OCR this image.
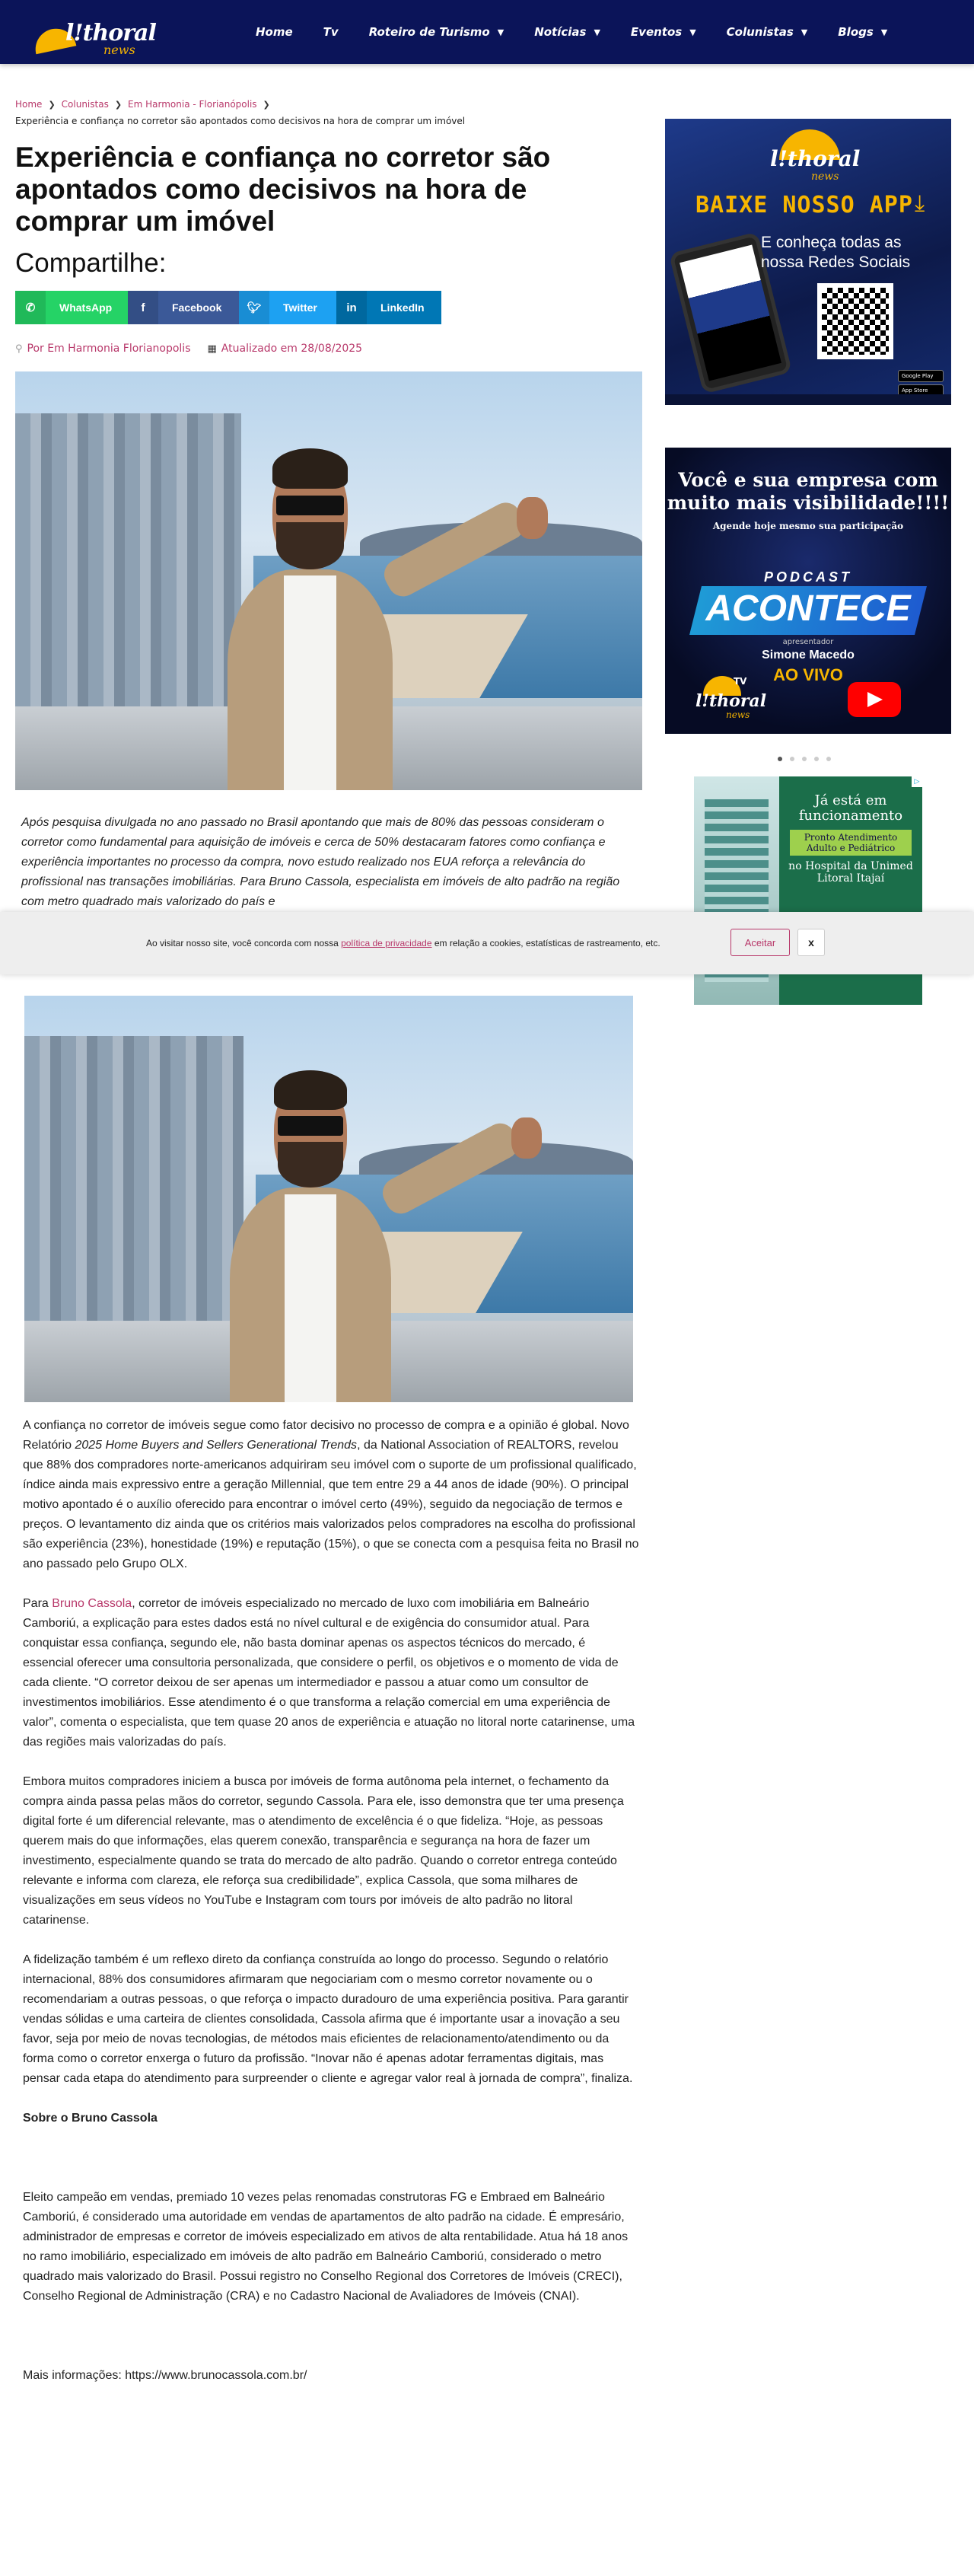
l!thoral
news
Home	Tv	Roteiro de Turismo ▼	Notícias ▼	Eventos ▼	Colunistas ▼	Blogs ▼
Home ❯ Colunistas ❯ Em Harmonia - Florianópolis ❯
Experiência e confiança no corretor são apontados como decisivos na hora de comprar um imóvel
Experiência e confiança no corretor são apontados como decisivos na hora de comprar um imóvel
Compartilhe:
✆	WhatsApp	f	Facebook	🐦︎	Twitter	in	LinkedIn
⚲ Por Em Harmonia Florianopolis ▦ Atualizado em 28/08/2025
Após pesquisa divulgada no ano passado no Brasil apontando que mais de 80% das pessoas consideram o corretor como fundamental para aquisição de imóveis e cerca de 50% destacaram fatores como confiança e experiência importantes no processo da compra, novo estudo realizado nos EUA reforça a relevância do profissional nas transações imobiliárias. Para Bruno Cassola, especialista em imóveis de alto padrão na região com metro quadrado mais valorizado do país e

A confiança no corretor de imóveis segue como fator decisivo no processo de compra e a opinião é global. Novo Relatório 2025 Home Buyers and Sellers Generational Trends, da National Association of REALTORS, revelou que 88% dos compradores norte-americanos adquiriram seu imóvel com o suporte de um profissional qualificado, índice ainda mais expressivo entre a geração Millennial, que tem entre 29 a 44 anos de idade (90%). O principal motivo apontado é o auxílio oferecido para encontrar o imóvel certo (49%), seguido da negociação de termos e preços. O levantamento diz ainda que os critérios mais valorizados pelos compradores na escolha do profissional são experiência (23%), honestidade (19%) e reputação (15%), o que se conecta com a pesquisa feita no Brasil no ano passado pelo Grupo OLX.

Para Bruno Cassola, corretor de imóveis especializado no mercado de luxo com imobiliária em Balneário Camboriú, a explicação para estes dados está no nível cultural e de exigência do consumidor atual. Para conquistar essa confiança, segundo ele, não basta dominar apenas os aspectos técnicos do mercado, é essencial oferecer uma consultoria personalizada, que considere o perfil, os objetivos e o momento de vida de cada cliente. “O corretor deixou de ser apenas um intermediador e passou a atuar como um consultor de investimentos imobiliários. Esse atendimento é o que transforma a relação comercial em uma experiência de valor”, comenta o especialista, que tem quase 20 anos de experiência e atuação no litoral norte catarinense, uma das regiões mais valorizadas do país.

Embora muitos compradores iniciem a busca por imóveis de forma autônoma pela internet, o fechamento da compra ainda passa pelas mãos do corretor, segundo Cassola. Para ele, isso demonstra que ter uma presença digital forte é um diferencial relevante, mas o atendimento de excelência é o que fideliza. “Hoje, as pessoas querem mais do que informações, elas querem conexão, transparência e segurança na hora de fazer um investimento, especialmente quando se trata do mercado de alto padrão. Quando o corretor entrega conteúdo relevante e informa com clareza, ele reforça sua credibilidade”, explica Cassola, que soma milhares de visualizações em seus vídeos no YouTube e Instagram com tours por imóveis de alto padrão no litoral catarinense.

A fidelização também é um reflexo direto da confiança construída ao longo do processo. Segundo o relatório internacional, 88% dos consumidores afirmaram que negociariam com o mesmo corretor novamente ou o recomendariam a outras pessoas, o que reforça o impacto duradouro de uma experiência positiva. Para garantir vendas sólidas e uma carteira de clientes consolidada, Cassola afirma que é importante usar a inovação a seu favor, seja por meio de novas tecnologias, de métodos mais eficientes de relacionamento/atendimento ou da forma como o corretor enxerga o futuro da profissão. “Inovar não é apenas adotar ferramentas digitais, mas pensar cada etapa do atendimento para surpreender o cliente e agregar valor real à jornada de compra”, finaliza.

Sobre o Bruno Cassola

Eleito campeão em vendas, premiado 10 vezes pelas renomadas construtoras FG e Embraed em Balneário Camboriú, é considerado uma autoridade em vendas de apartamentos de alto padrão na cidade. É empresário, administrador de empresas e corretor de imóveis especializado em ativos de alta rentabilidade. Atua há 18 anos no ramo imobiliário, especializado em imóveis de alto padrão em Balneário Camboriú, considerado o metro quadrado mais valorizado do Brasil. Possui registro no Conselho Regional dos Corretores de Imóveis (CRECI), Conselho Regional de Administração (CRA) e no Cadastro Nacional de Avaliadores de Imóveis (CNAI).

Mais informações: https://www.brunocassola.com.br/

l!thoral
news
BAIXE NOSSO APP ⤓
E conheça todas as nossa Redes Sociais
Google Play
App Store
Você e sua empresa com muito mais visibilidade!!!!
Agende hoje mesmo sua participação
PODCAST
ACONTECE
apresentador
Simone Macedo
AO VIVO
TV
l!thoral
news
Já está em funcionamento
Pronto Atendimento Adulto e Pediátrico
no Hospital da Unimed Litoral Itajaí
▷
Ao visitar nosso site, você concorda com nossa política de privacidade em relação a cookies, estatísticas de rastreamento, etc.	Aceitar	x
